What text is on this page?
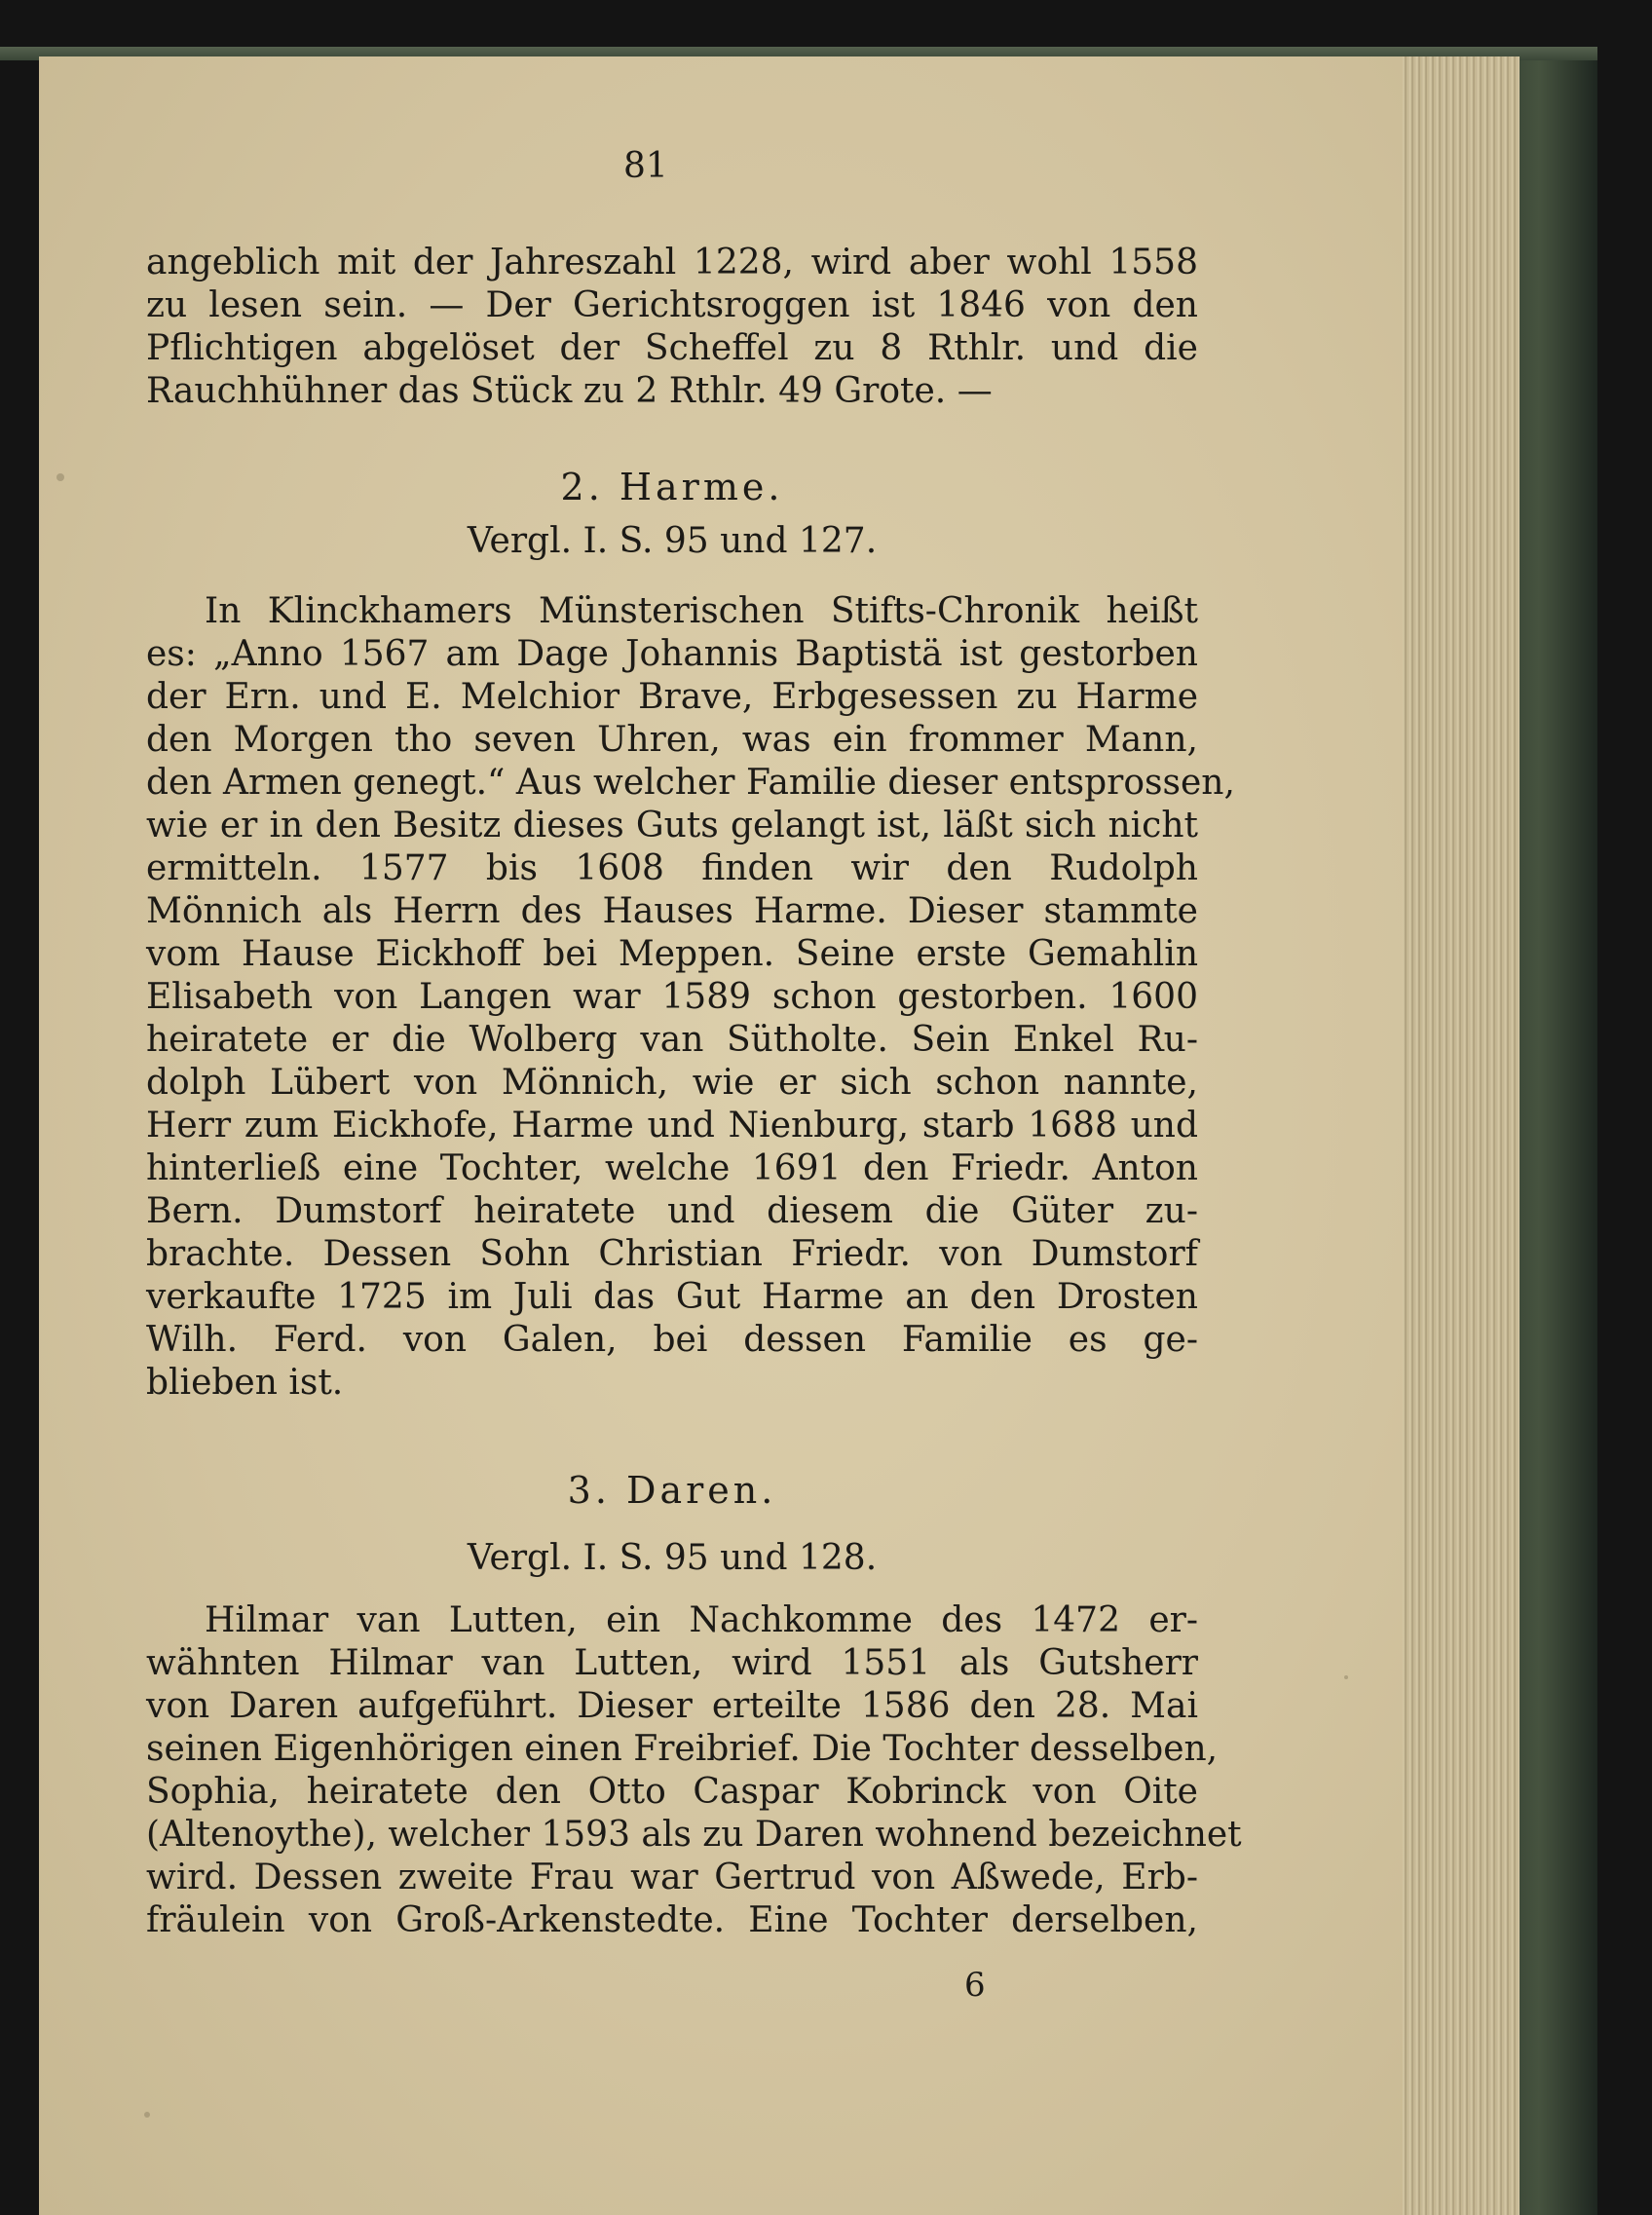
81
angeblich mit der Jahreszahl 1228, wird aber wohl 1558
zu lesen sein. — Der Gerichtsroggen ist 1846 von den
Pflichtigen abgelöset der Scheffel zu 8 Rthlr. und die
Rauchhühner das Stück zu 2 Rthlr. 49 Grote. —
2. Harme.
Vergl. I. S. 95 und 127.
In Klinckhamers Münsterischen Stifts-Chronik heißt
es: „Anno 1567 am Dage Johannis Baptistä ist gestorben
der Ern. und E. Melchior Brave, Erbgesessen zu Harme
den Morgen tho seven Uhren, was ein frommer Mann,
den Armen genegt.“ Aus welcher Familie dieser entsprossen,
wie er in den Besitz dieses Guts gelangt ist, läßt sich nicht
ermitteln. 1577 bis 1608 finden wir den Rudolph
Mönnich als Herrn des Hauses Harme. Dieser stammte
vom Hause Eickhoff bei Meppen. Seine erste Gemahlin
Elisabeth von Langen war 1589 schon gestorben. 1600
heiratete er die Wolberg van Sütholte. Sein Enkel Ru-
dolph Lübert von Mönnich, wie er sich schon nannte,
Herr zum Eickhofe, Harme und Nienburg, starb 1688 und
hinterließ eine Tochter, welche 1691 den Friedr. Anton
Bern. Dumstorf heiratete und diesem die Güter zu-
brachte. Dessen Sohn Christian Friedr. von Dumstorf
verkaufte 1725 im Juli das Gut Harme an den Drosten
Wilh. Ferd. von Galen, bei dessen Familie es ge-
blieben ist.
3. Daren.
Vergl. I. S. 95 und 128.
Hilmar van Lutten, ein Nachkomme des 1472 er-
wähnten Hilmar van Lutten, wird 1551 als Gutsherr
von Daren aufgeführt. Dieser erteilte 1586 den 28. Mai
seinen Eigenhörigen einen Freibrief. Die Tochter desselben,
Sophia, heiratete den Otto Caspar Kobrinck von Oite
(Altenoythe), welcher 1593 als zu Daren wohnend bezeichnet
wird. Dessen zweite Frau war Gertrud von Aßwede, Erb-
fräulein von Groß-Arkenstedte. Eine Tochter derselben,
6
